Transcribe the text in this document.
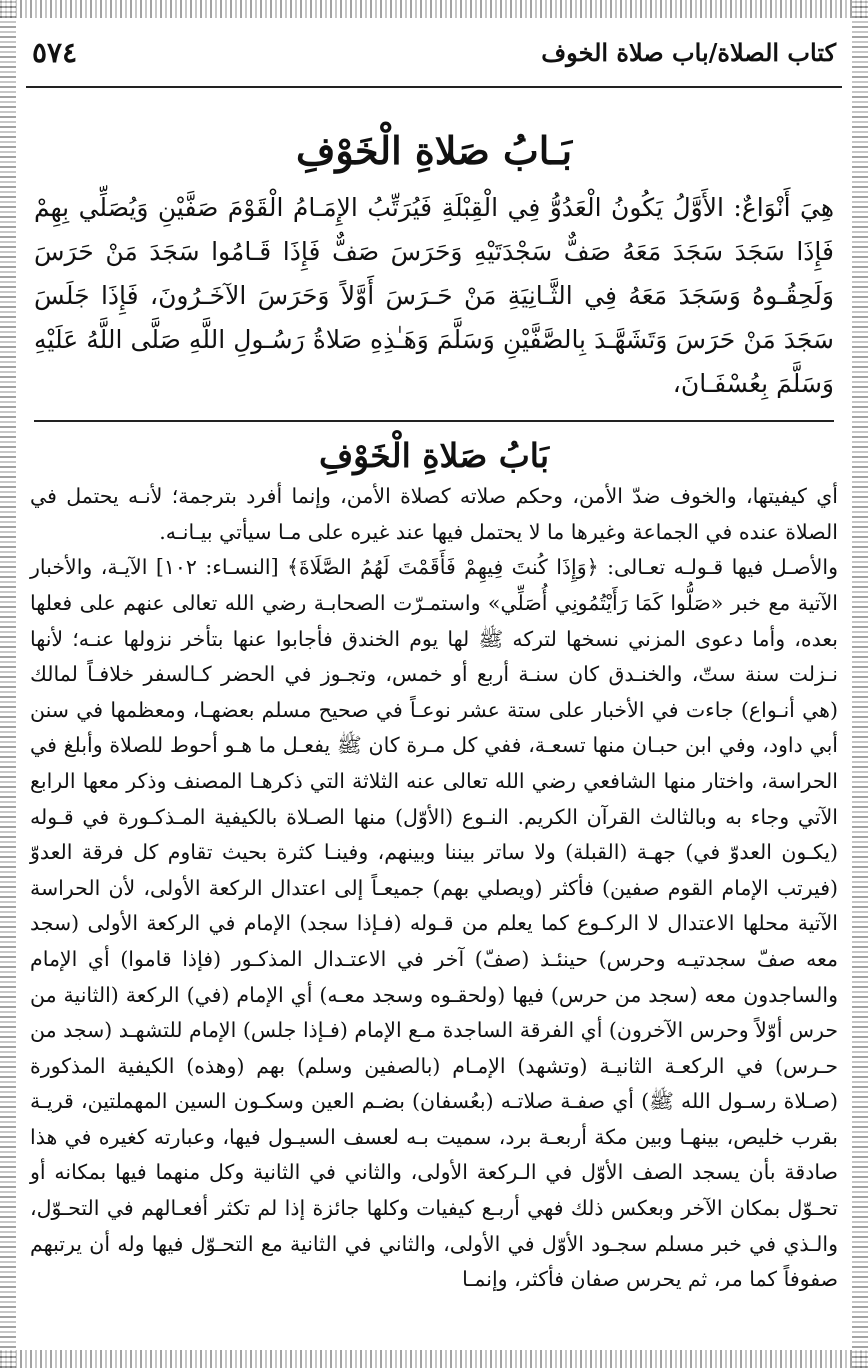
كتاب الصلاة/باب صلاة الخوف
٥٧٤
بَـابُ صَلاةِ الْخَوْفِ

هِيَ أَنْوَاعٌ: الأَوَّلُ يَكُونُ الْعَدُوُّ فِي الْقِبْلَةِ فَيُرَتِّبُ الإِمَـامُ الْقَوْمَ صَفَّيْنِ وَيُصَلِّي بِهِمْ فَإِذَا سَجَدَ سَجَدَ مَعَهُ صَفٌّ سَجْدَتَيْهِ وَحَرَسَ صَفٌّ فَإِذَا قَـامُوا سَجَدَ مَنْ حَرَسَ وَلَحِقُـوهُ وَسَجَدَ مَعَهُ فِي الثَّـانِيَةِ مَنْ حَـرَسَ أَوَّلاً وَحَرَسَ الآخَـرُونَ، فَإِذَا جَلَسَ سَجَدَ مَنْ حَرَسَ وَتَشَهَّـدَ بِالصَّفَّيْنِ وَسَلَّمَ وَهَـٰذِهِ صَلاةُ رَسُـولِ اللَّهِ صَلَّى اللَّهُ عَلَيْهِ وَسَلَّمَ بِعُسْفَـانَ،

بَابُ صَلاةِ الْخَوْفِ

أي كيفيتها، والخوف ضدّ الأمن، وحكم صلاته كصلاة الأمن، وإنما أفرد بترجمة؛ لأنـه يحتمل في الصلاة عنده في الجماعة وغيرها ما لا يحتمل فيها عند غيره على مـا سيأتي بيـانـه.

والأصـل فيها قـولـه تعـالى: ﴿وَإِذَا كُنتَ فِيهِمْ فَأَقَمْتَ لَهُمُ الصَّلَاةَ﴾ [النسـاء: ١٠٢] الآيـة، والأخبار الآتية مع خبر «صَلُّوا كَمَا رَأَيْتُمُونِي أُصَلِّي» واستمـرّت الصحابـة رضي الله تعالى عنهم على فعلها بعده، وأما دعوى المزني نسخها لتركه ﷺ لها يوم الخندق فأجابوا عنها بتأخر نزولها عنـه؛ لأنها نـزلت سنة ستّ، والخنـدق كان سنـة أربع أو خمس، وتجـوز في الحضر كـالسفر خلافـاً لمالك (هي أنـواع) جاءت في الأخبار على ستة عشر نوعـاً في صحيح مسلم بعضهـا، ومعظمها في سنن أبي داود، وفي ابن حبـان منها تسعـة، ففي كل مـرة كان ﷺ يفعـل ما هـو أحوط للصلاة وأبلغ في الحراسة، واختار منها الشافعي رضي الله تعالى عنه الثلاثة التي ذكرهـا المصنف وذكر معها الرابع الآتي وجاء به وبالثالث القرآن الكريم. النـوع (الأوّل) منها الصـلاة بالكيفية المـذكـورة في قـوله (يكـون العدوّ في) جهـة (القبلة) ولا ساتر بيننا وبينهم، وفينـا كثرة بحيث تقاوم كل فرقة العدوّ (فيرتب الإمام القوم صفين) فأكثر (ويصلي بهم) جميعـاً إلى اعتدال الركعة الأولى، لأن الحراسة الآتية محلها الاعتدال لا الركـوع كما يعلم من قـوله (فـإذا سجد) الإمام في الركعة الأولى (سجد معه صفّ سجدتيـه وحرس) حينئـذ (صفّ) آخر في الاعتـدال المذكـور (فإذا قاموا) أي الإمام والساجدون معه (سجد من حرس) فيها (ولحقـوه وسجد معـه) أي الإمام (في) الركعة (الثانية من حرس أوّلاً وحرس الآخرون) أي الفرقة الساجدة مـع الإمام (فـإذا جلس) الإمام للتشهـد (سجد من حـرس) في الركعـة الثانيـة (وتشهد) الإمـام (بالصفين وسلم) بهم (وهذه) الكيفية المذكورة (صـلاة رسـول الله ﷺ) أي صفـة صلاتـه (بعُسفان) بضـم العين وسكـون السين المهملتين، قريـة بقرب خليص، بينهـا وبين مكة أربعـة برد، سميت بـه لعسف السيـول فيها، وعبارته كغيره في هذا صادقة بأن يسجد الصف الأوّل في الـركعة الأولى، والثاني في الثانية وكل منهما فيها بمكانه أو تحـوّل بمكان الآخر وبعكس ذلك فهي أربـع كيفيات وكلها جائزة إذا لم تكثر أفعـالهم في التحـوّل، والـذي في خبر مسلم سجـود الأوّل في الأولى، والثاني في الثانية مع التحـوّل فيها وله أن يرتبهم صفوفاً كما مر، ثم يحرس صفان فأكثر، وإنمـا
